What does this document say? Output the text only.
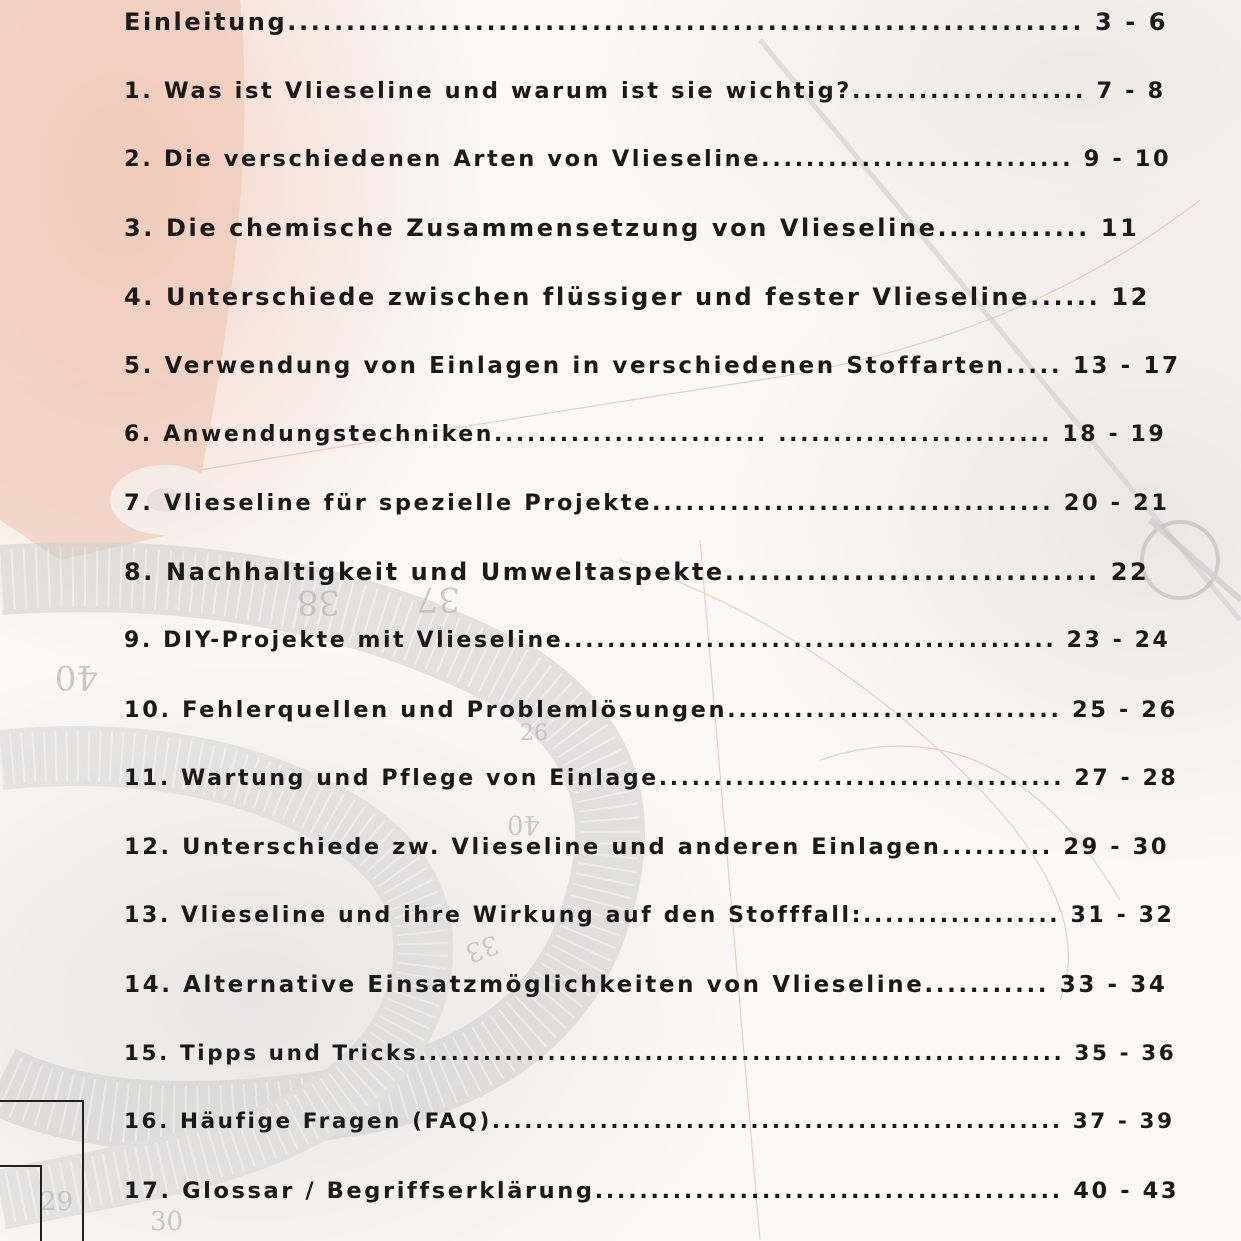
40
38 37
26
40
33
29
30
Einleitung.................................................................... 3 - 6
1. Was ist Vlieseline und warum ist sie wichtig?..................... 7 - 8
2. Die verschiedenen Arten von Vlieseline............................ 9 - 10
3. Die chemische Zusammensetzung von Vlieseline............. 11
4. Unterschiede zwischen flüssiger und fester Vlieseline...... 12
5. Verwendung von Einlagen in verschiedenen Stoffarten..... 13 - 17
6. Anwendungstechniken......................... ......................... 18 - 19
7. Vlieseline für spezielle Projekte.................................... 20 - 21
8. Nachhaltigkeit und Umweltaspekte................................ 22
9. DIY-Projekte mit Vlieseline............................................. 23 - 24
10. Fehlerquellen und Problemlösungen.............................. 25 - 26
11. Wartung und Pflege von Einlage..................................... 27 - 28
12. Unterschiede zw. Vlieseline und anderen Einlagen.......... 29 - 30
13. Vlieseline und ihre Wirkung auf den Stofffall:.................. 31 - 32
14. Alternative Einsatzmöglichkeiten von Vlieseline........... 33 - 34
15. Tipps und Tricks............................................................ 35 - 36
16. Häufige Fragen (FAQ)..................................................... 37 - 39
17. Glossar / Begriffserklärung.......................................... 40 - 43
